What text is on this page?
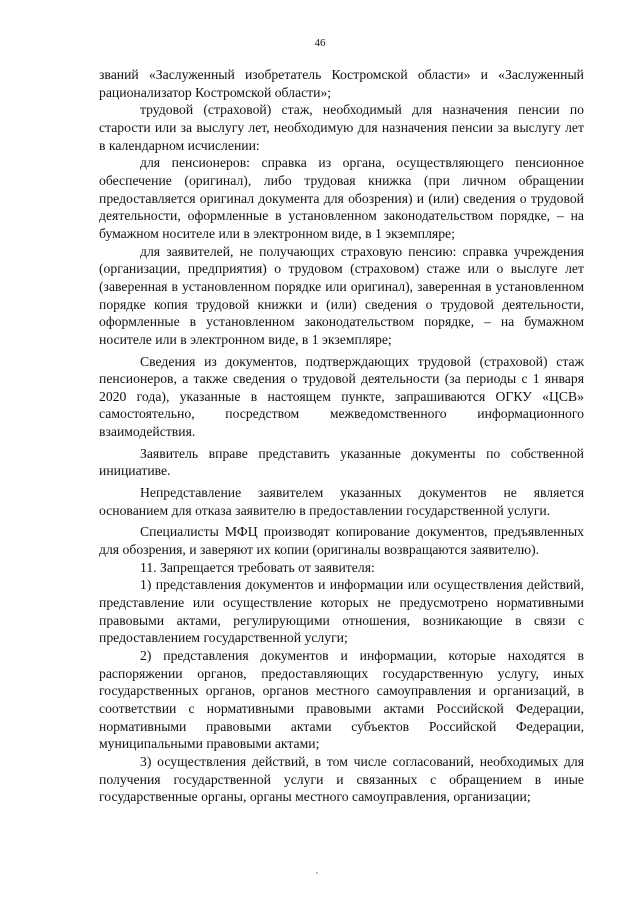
46

званий «Заслуженный изобретатель Костромской области» и «Заслуженный рационализатор Костромской области»;

трудовой (страховой) стаж, необходимый для назначения пенсии по старости или за выслугу лет, необходимую для назначения пенсии за выслугу лет в календарном исчислении:

для пенсионеров: справка из органа, осуществляющего пенсионное обеспечение (оригинал), либо трудовая книжка (при личном обращении предоставляется оригинал документа для обозрения) и (или) сведения о трудовой деятельности, оформленные в установленном законодательством порядке, – на бумажном носителе или в электронном виде, в 1 экземпляре;

для заявителей, не получающих страховую пенсию: справка учреждения (организации, предприятия) о трудовом (страховом) стаже или о выслуге лет (заверенная в установленном порядке или оригинал), заверенная в установленном порядке копия трудовой книжки и (или) сведения о трудовой деятельности, оформленные в установленном законодательством порядке, – на бумажном носителе или в электронном виде, в 1 экземпляре;

Сведения из документов, подтверждающих трудовой (страховой) стаж пенсионеров, а также сведения о трудовой деятельности (за периоды с 1 января 2020 года), указанные в настоящем пункте, запрашиваются ОГКУ «ЦСВ» самостоятельно, посредством межведомственного информационного взаимодействия.

Заявитель вправе представить указанные документы по собственной инициативе.

Непредставление заявителем указанных документов не является основанием для отказа заявителю в предоставлении государственной услуги.

Специалисты МФЦ производят копирование документов, предъявленных для обозрения, и заверяют их копии (оригиналы возвращаются заявителю).

11. Запрещается требовать от заявителя:

1) представления документов и информации или осуществления действий, представление или осуществление которых не предусмотрено нормативными правовыми актами, регулирующими отношения, возникающие в связи с предоставлением государственной услуги;

2) представления документов и информации, которые находятся в распоряжении органов, предоставляющих государственную услугу, иных государственных органов, органов местного самоуправления и организаций, в соответствии с нормативными правовыми актами Российской Федерации, нормативными правовыми актами субъектов Российской Федерации, муниципальными правовыми актами;

3) осуществления действий, в том числе согласований, необходимых для получения государственной услуги и связанных с обращением в иные государственные органы, органы местного самоуправления, организации;
